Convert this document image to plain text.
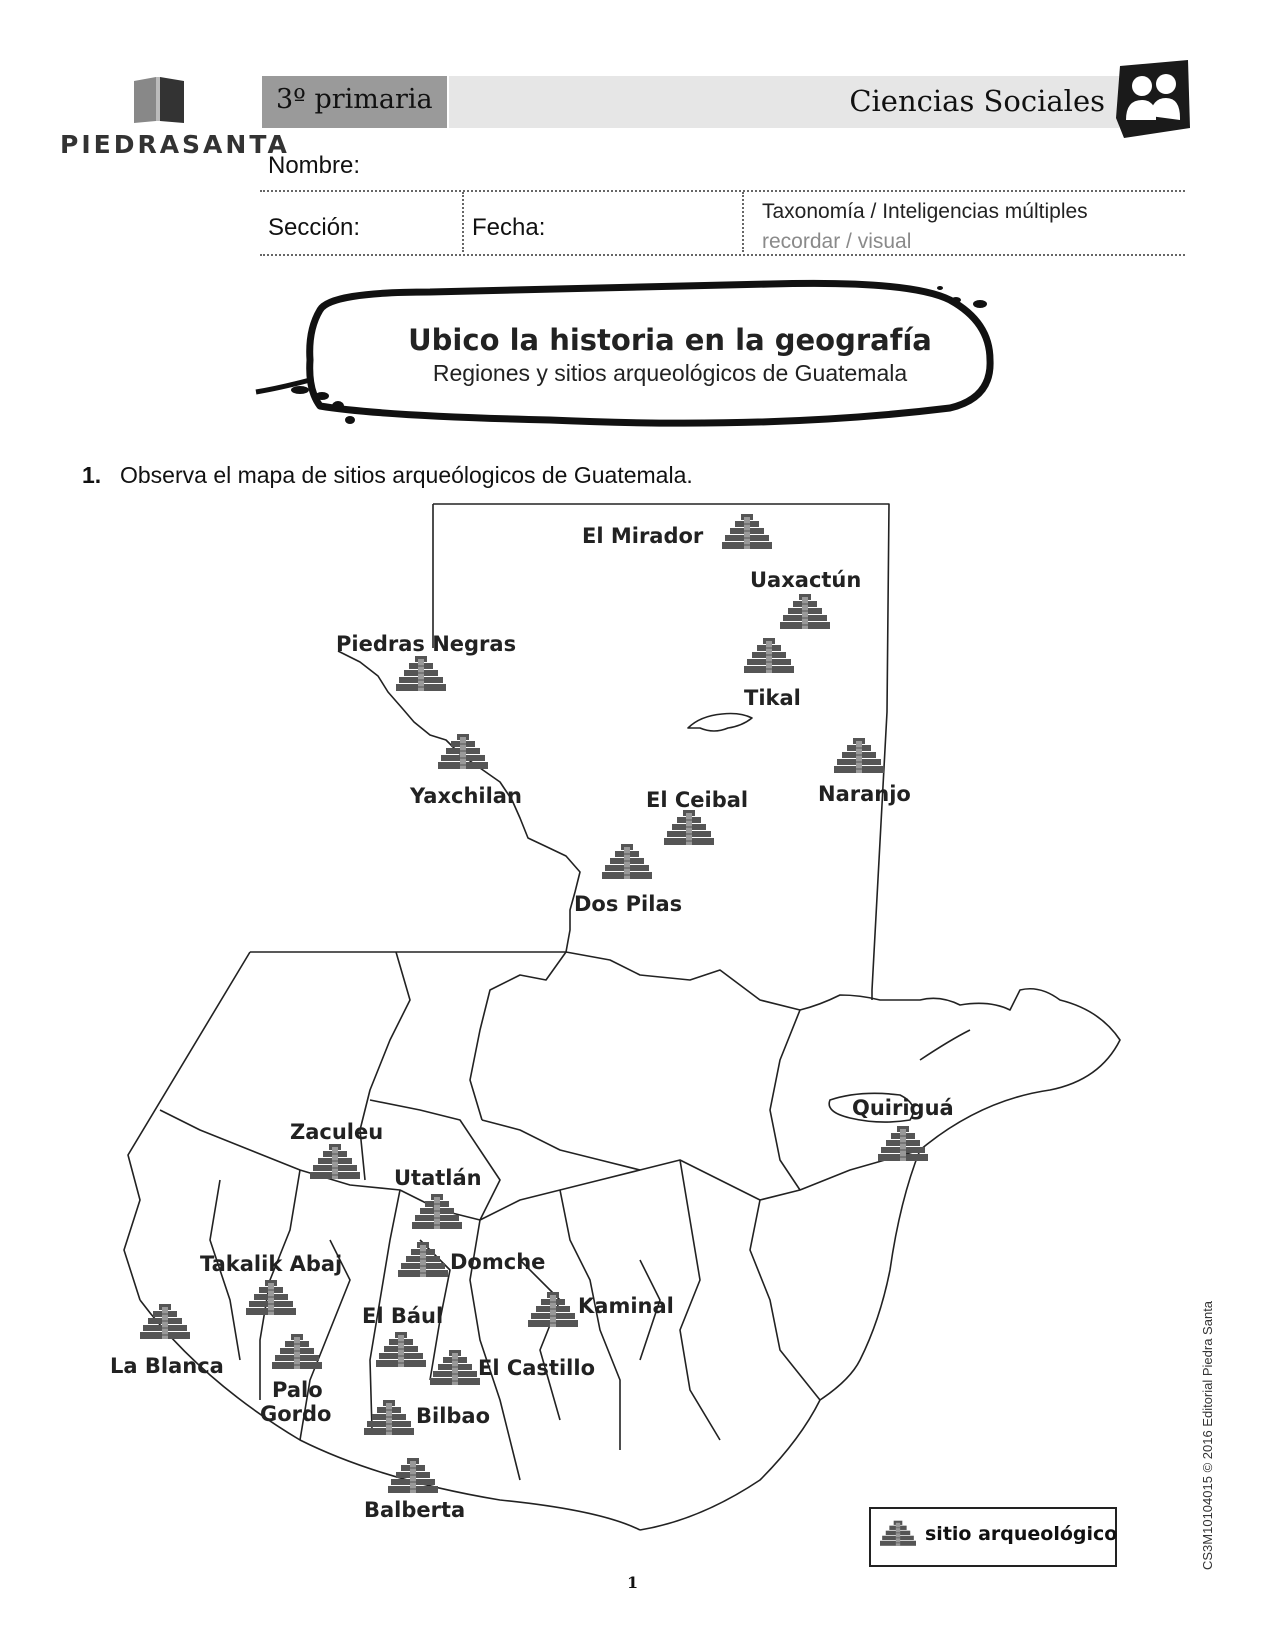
PIEDRASANTA
3º primaria	Ciencias Sociales
Nombre:
Sección:	Fecha:
Taxonomía / Inteligencias múltiples
recordar / visual
Ubico la historia en la geografía
Regiones y sitios arqueológicos de Guatemala
1. Observa el mapa de sitios arqueólogicos de Guatemala.
El Mirador
Uaxactún
Piedras Negras
Tikal
Yaxchilan	El Ceibal	Naranjo
Dos Pilas
Quiriguá
Zaculeu
Utatlán
Takalik Abaj	Domche
Kaminal
El Bául
La Blanca	El Castillo
Palo
Gordo	Bilbao
Balberta
sitio arqueológico
1
CS3M10104015 © 2016 Editorial Piedra Santa
